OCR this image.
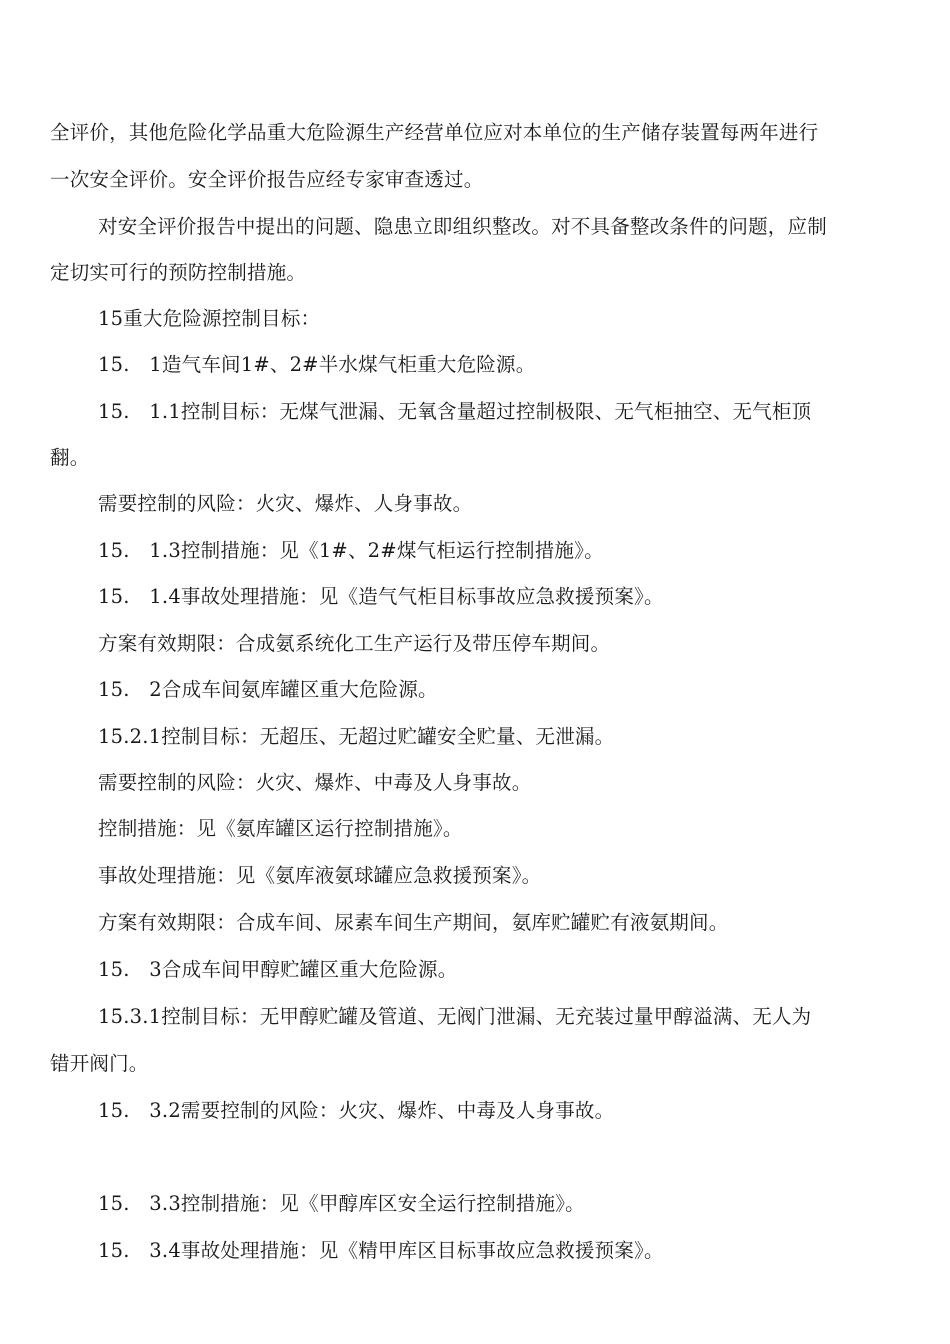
全评价，其他危险化学品重大危险源生产经营单位应对本单位的生产储存装置每两年进行

一次安全评价。安全评价报告应经专家审查透过。

对安全评价报告中提出的问题、隐患立即组织整改。对不具备整改条件的问题，应制

定切实可行的预防控制措施。

15重大危险源控制目标：

15.　1造气车间1#、2#半水煤气柜重大危险源。

15.　1.1控制目标：无煤气泄漏、无氧含量超过控制极限、无气柜抽空、无气柜顶

翻。

需要控制的风险：火灾、爆炸、人身事故。

15.　1.3控制措施：见《1#、2#煤气柜运行控制措施》。

15.　1.4事故处理措施：见《造气气柜目标事故应急救援预案》。

方案有效期限：合成氨系统化工生产运行及带压停车期间。

15.　2合成车间氨库罐区重大危险源。

15.2.1控制目标：无超压、无超过贮罐安全贮量、无泄漏。

需要控制的风险：火灾、爆炸、中毒及人身事故。

控制措施：见《氨库罐区运行控制措施》。

事故处理措施：见《氨库液氨球罐应急救援预案》。

方案有效期限：合成车间、尿素车间生产期间，氨库贮罐贮有液氨期间。

15.　3合成车间甲醇贮罐区重大危险源。

15.3.1控制目标：无甲醇贮罐及管道、无阀门泄漏、无充装过量甲醇溢满、无人为

错开阀门。

15.　3.2需要控制的风险：火灾、爆炸、中毒及人身事故。

15.　3.3控制措施：见《甲醇库区安全运行控制措施》。

15.　3.4事故处理措施：见《精甲库区目标事故应急救援预案》。
